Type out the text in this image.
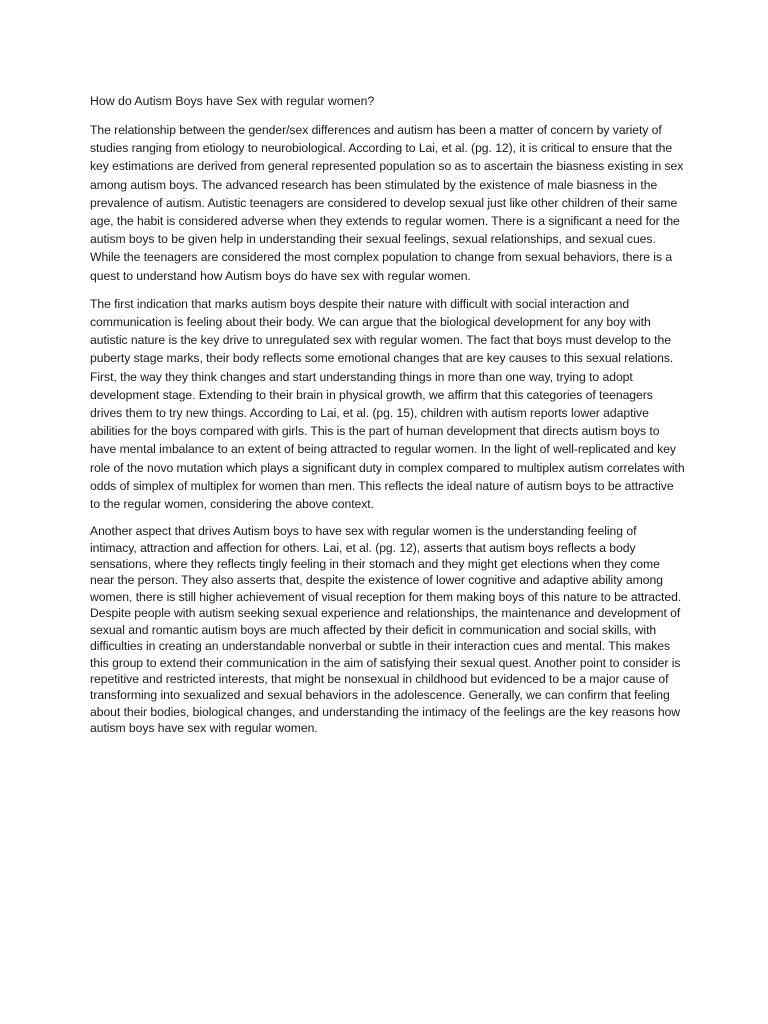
How do Autism Boys have Sex with regular women?

The relationship between the gender/sex differences and autism has been a matter of concern by variety of studies ranging from etiology to neurobiological. According to Lai, et al. (pg. 12), it is critical to ensure that the key estimations are derived from general represented population so as to ascertain the biasness existing in sex among autism boys. The advanced research has been stimulated by the existence of male biasness in the prevalence of autism. Autistic teenagers are considered to develop sexual just like other children of their same age, the habit is considered adverse when they extends to regular women. There is a significant a need for the autism boys to be given help in understanding their sexual feelings, sexual relationships, and sexual cues. While the teenagers are considered the most complex population to change from sexual behaviors, there is a quest to understand how Autism boys do have sex with regular women.

The first indication that marks autism boys despite their nature with difficult with social interaction and communication is feeling about their body. We can argue that the biological development for any boy with autistic nature is the key drive to unregulated sex with regular women. The fact that boys must develop to the puberty stage marks, their body reflects some emotional changes that are key causes to this sexual relations. First, the way they think changes and start understanding things in more than one way, trying to adopt development stage. Extending to their brain in physical growth, we affirm that this categories of teenagers drives them to try new things. According to Lai, et al. (pg. 15), children with autism reports lower adaptive abilities for the boys compared with girls. This is the part of human development that directs autism boys to have mental imbalance to an extent of being attracted to regular women. In the light of well-replicated and key role of the novo mutation which plays a significant duty in complex compared to multiplex autism correlates with odds of simplex of multiplex for women than men. This reflects the ideal nature of autism boys to be attractive to the regular women, considering the above context.

Another aspect that drives Autism boys to have sex with regular women is the understanding feeling of intimacy, attraction and affection for others. Lai, et al. (pg. 12), asserts that autism boys reflects a body sensations, where they reflects tingly feeling in their stomach and they might get elections when they come near the person. They also asserts that, despite the existence of lower cognitive and adaptive ability among women, there is still higher achievement of visual reception for them making boys of this nature to be attracted. Despite people with autism seeking sexual experience and relationships, the maintenance and development of sexual and romantic autism boys are much affected by their deficit in communication and social skills, with difficulties in creating an understandable nonverbal or subtle in their interaction cues and mental. This makes this group to extend their communication in the aim of satisfying their sexual quest. Another point to consider is repetitive and restricted interests, that might be nonsexual in childhood but evidenced to be a major cause of transforming into sexualized and sexual behaviors in the adolescence. Generally, we can confirm that feeling about their bodies, biological changes, and understanding the intimacy of the feelings are the key reasons how autism boys have sex with regular women.
